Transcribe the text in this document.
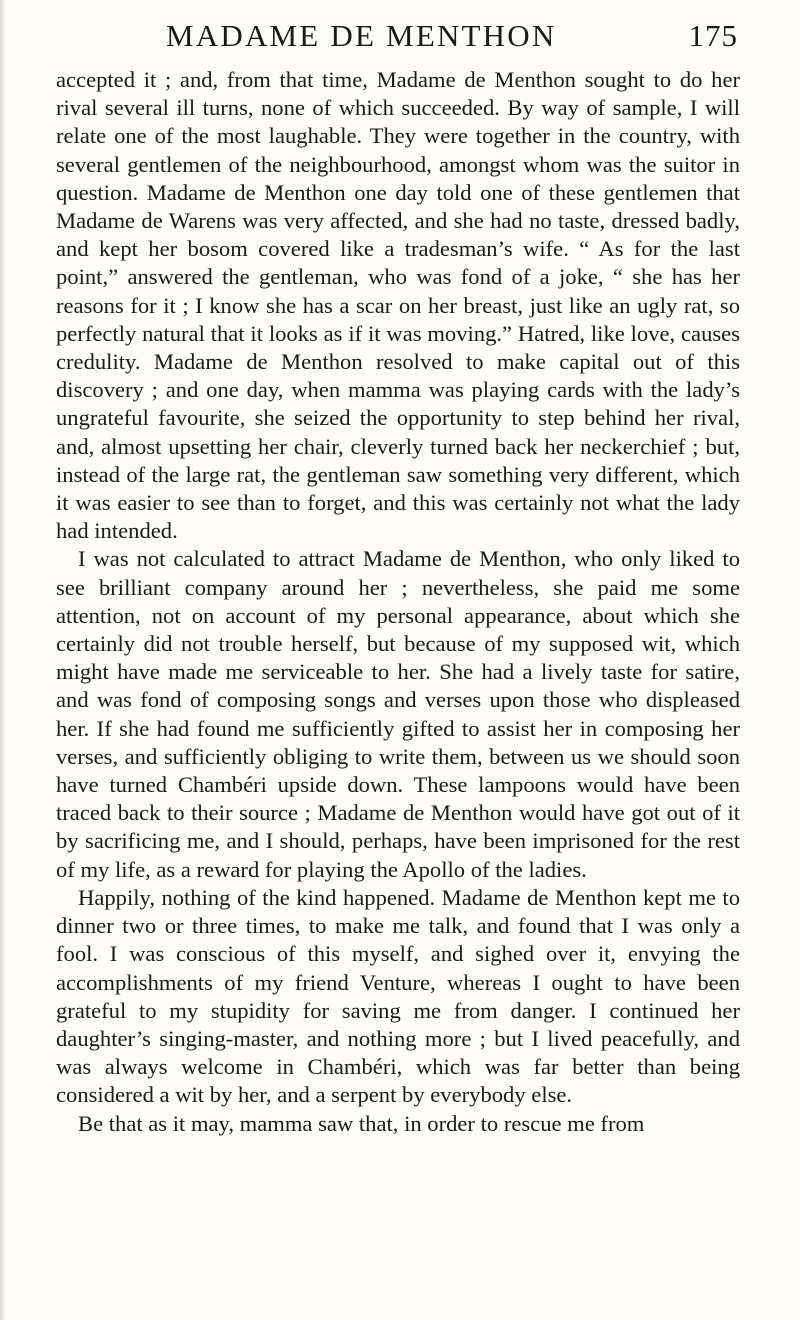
MADAME DE MENTHON	175

accepted it ; and, from that time, Madame de Menthon sought to do her rival several ill turns, none of which succeeded. By way of sample, I will relate one of the most laughable. They were together in the country, with several gentlemen of the neighbourhood, amongst whom was the suitor in question. Madame de Menthon one day told one of these gentlemen that Madame de Warens was very affected, and she had no taste, dressed badly, and kept her bosom covered like a tradesman’s wife. “ As for the last point,” answered the gentleman, who was fond of a joke, “ she has her reasons for it ; I know she has a scar on her breast, just like an ugly rat, so perfectly natural that it looks as if it was moving.” Hatred, like love, causes credulity. Madame de Menthon resolved to make capital out of this discovery ; and one day, when mamma was playing cards with the lady’s ungrateful favourite, she seized the opportunity to step behind her rival, and, almost upsetting her chair, cleverly turned back her neckerchief ; but, instead of the large rat, the gentleman saw something very different, which it was easier to see than to forget, and this was certainly not what the lady had intended.

I was not calculated to attract Madame de Menthon, who only liked to see brilliant company around her ; nevertheless, she paid me some attention, not on account of my personal appearance, about which she certainly did not trouble herself, but because of my supposed wit, which might have made me serviceable to her. She had a lively taste for satire, and was fond of composing songs and verses upon those who displeased her. If she had found me sufficiently gifted to assist her in composing her verses, and sufficiently obliging to write them, between us we should soon have turned Chambéri upside down. These lampoons would have been traced back to their source ; Madame de Menthon would have got out of it by sacrificing me, and I should, perhaps, have been imprisoned for the rest of my life, as a reward for playing the Apollo of the ladies.

Happily, nothing of the kind happened. Madame de Menthon kept me to dinner two or three times, to make me talk, and found that I was only a fool. I was conscious of this myself, and sighed over it, envying the accomplishments of my friend Venture, whereas I ought to have been grateful to my stupidity for saving me from danger. I continued her daughter’s singing-master, and nothing more ; but I lived peacefully, and was always welcome in Chambéri, which was far better than being considered a wit by her, and a serpent by everybody else.

Be that as it may, mamma saw that, in order to rescue me from
